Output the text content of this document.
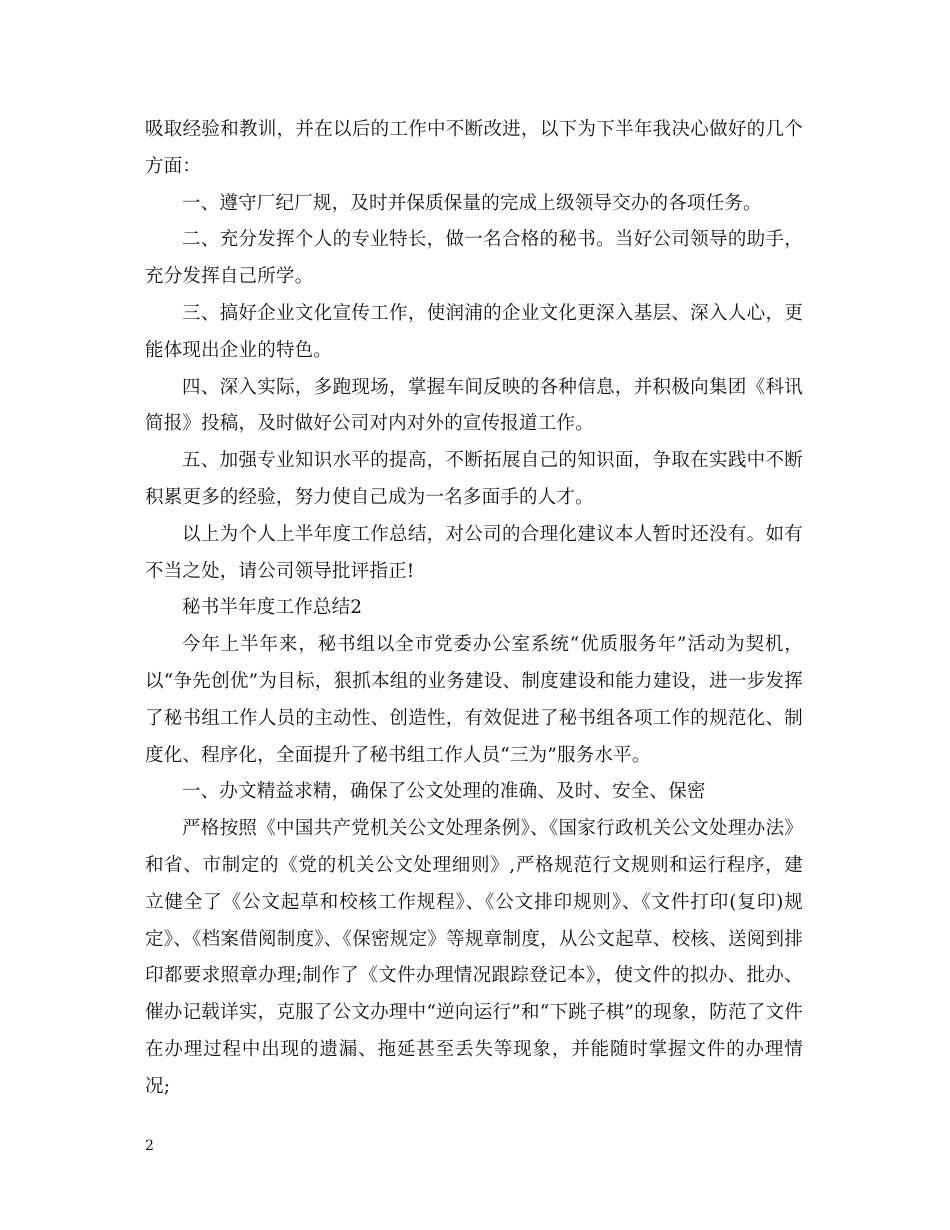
吸取经验和教训，并在以后的工作中不断改进，以下为下半年我决心做好的几个方面：

一、遵守厂纪厂规，及时并保质保量的完成上级领导交办的各项任务。

二、充分发挥个人的专业特长，做一名合格的秘书。当好公司领导的助手，充分发挥自己所学。

三、搞好企业文化宣传工作，使润浦的企业文化更深入基层、深入人心，更能体现出企业的特色。

四、深入实际，多跑现场，掌握车间反映的各种信息，并积极向集团《科讯简报》投稿，及时做好公司对内对外的宣传报道工作。

五、加强专业知识水平的提高，不断拓展自己的知识面，争取在实践中不断积累更多的经验，努力使自己成为一名多面手的人才。

以上为个人上半年度工作总结，对公司的合理化建议本人暂时还没有。如有不当之处，请公司领导批评指正!

秘书半年度工作总结2

今年上半年来，秘书组以全市党委办公室系统“优质服务年”活动为契机，以“争先创优”为目标，狠抓本组的业务建设、制度建设和能力建设，进一步发挥了秘书组工作人员的主动性、创造性，有效促进了秘书组各项工作的规范化、制度化、程序化，全面提升了秘书组工作人员“三为”服务水平。

一、办文精益求精，确保了公文处理的准确、及时、安全、保密

严格按照《中国共产党机关公文处理条例》、《国家行政机关公文处理办法》和省、市制定的《党的机关公文处理细则》,严格规范行文规则和运行程序，建立健全了《公文起草和校核工作规程》、《公文排印规则》、《文件打印(复印)规定》、《档案借阅制度》、《保密规定》等规章制度，从公文起草、校核、送阅到排印都要求照章办理;制作了《文件办理情况跟踪登记本》，使文件的拟办、批办、催办记载详实，克服了公文办理中“逆向运行”和“下跳子棋”的现象，防范了文件在办理过程中出现的遗漏、拖延甚至丢失等现象，并能随时掌握文件的办理情况;

2
